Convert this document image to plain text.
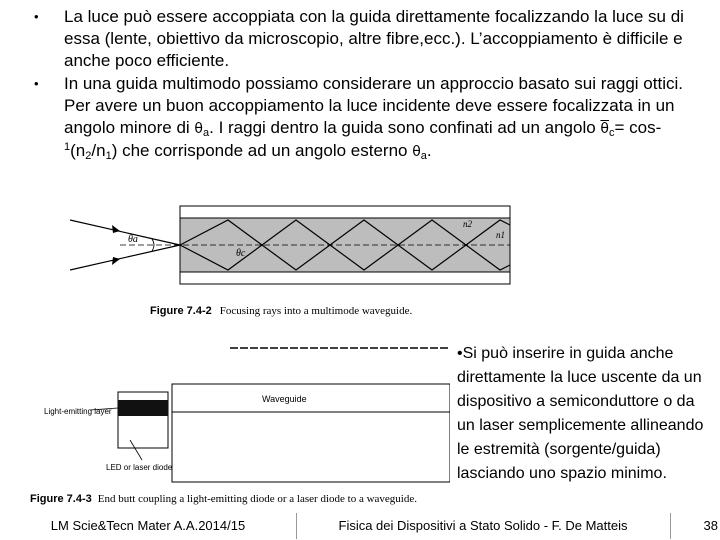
• La luce può essere accoppiata con la guida direttamente focalizzando la luce su di essa (lente, obiettivo da microscopio, altre fibre,ecc.). L’accoppiamento è difficile e anche poco efficiente.
• In una guida multimodo possiamo considerare un approccio basato sui raggi ottici. Per avere un buon accoppiamento la luce incidente deve essere focalizzata in un angolo minore di $\theta_a$. I raggi dentro la guida sono confinati ad un angolo $\overline{\theta}_c= \cos-^1(n_2/n_1)$ che corrisponde ad un angolo esterno $\theta_a$.
θa
θc
n2
n1
Figure 7.4-2 Focusing rays into a multimode waveguide.
Waveguide
Light-emitting layer
LED or laser diode
Figure 7.4-3 End butt coupling a light-emitting diode or a laser diode to a waveguide.
•Si può inserire in guida anche direttamente la luce uscente da un dispositivo a semiconduttore o da un laser semplicemente allineando le estremità (sorgente/guida) lasciando uno spazio minimo.
LM Scie&Tecn Mater A.A.2014/15	Fisica dei Dispositivi a Stato Solido - F. De Matteis	38
